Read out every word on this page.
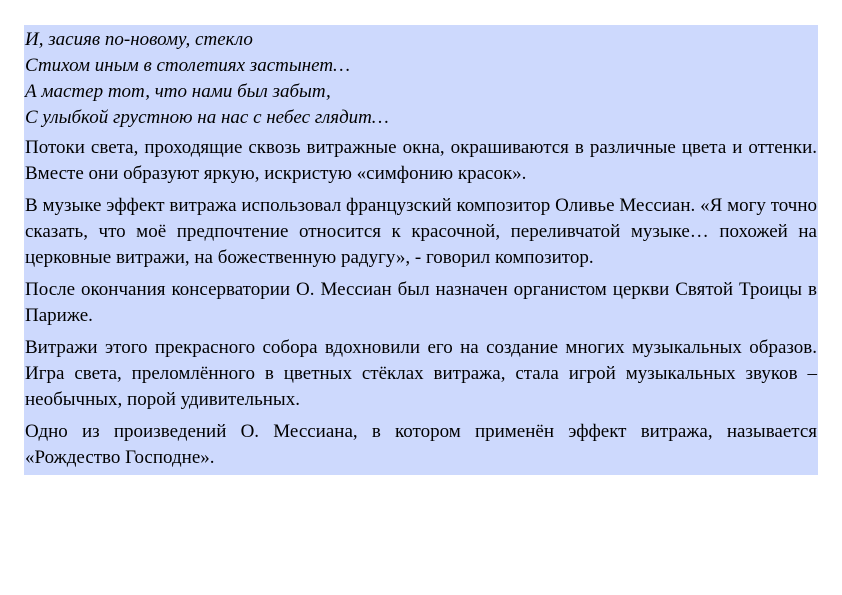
И, засияв по-новому, стекло
Стихом иным в столетиях застынет…
А мастер тот, что нами был забыт,
С улыбкой грустною на нас с небес глядит…

Потоки света, проходящие сквозь витражные окна, окрашиваются в различные цвета и оттенки. Вместе они образуют яркую, искристую «симфонию красок».

В музыке эффект витража использовал французский композитор Оливье Мессиан. «Я могу точно сказать, что моё предпочтение относится к красочной, переливчатой музыке… похожей на церковные витражи, на божественную радугу», - говорил композитор.

После окончания консерватории О. Мессиан был назначен органистом церкви Святой Троицы в Париже.

Витражи этого прекрасного собора вдохновили его на создание многих музыкальных образов. Игра света, преломлённого в цветных стёклах витража, стала игрой музыкальных звуков – необычных, порой удивительных.

Одно из произведений О. Мессиана, в котором применён эффект витража, называется «Рождество Господне».
